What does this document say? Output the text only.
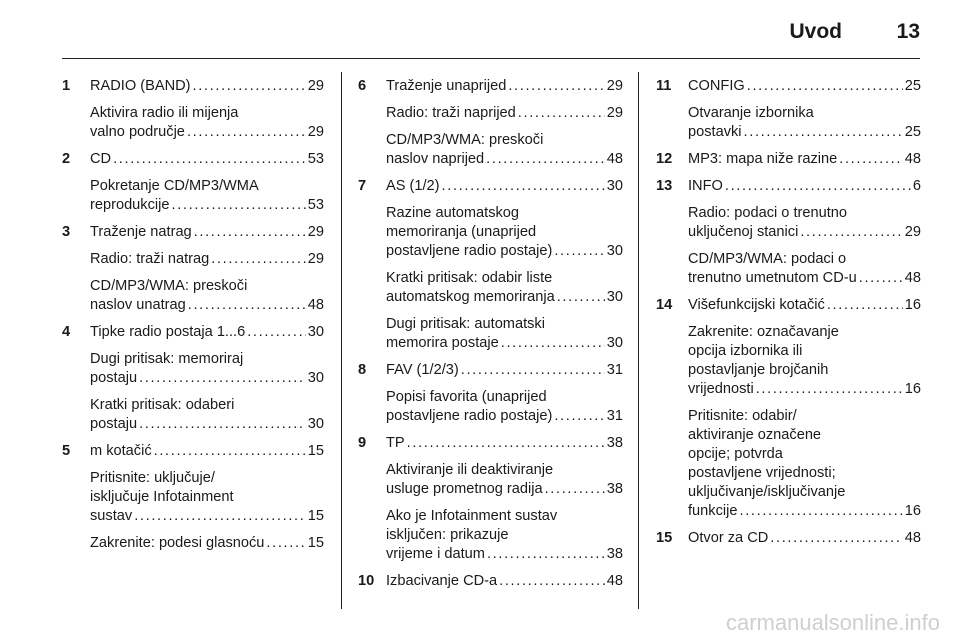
Uvod	13
1 RADIO (BAND) . . .	29
Aktivira radio ili mijenja
valno područje . . .	29
2 CD . . .	53
Pokretanje CD/MP3/WMA
reprodukcije . . .	53
3 Traženje natrag . . .	29
Radio: traži natrag . . .	29
CD/MP3/WMA: preskoči
naslov unatrag . . .	48
4 Tipke radio postaja 1...6 . . .	30
Dugi pritisak: memoriraj
postaju . . .	30
Kratki pritisak: odaberi
postaju . . .	30
5 m kotačić . . .	15
Pritisnite: uključuje/
isključuje Infotainment
sustav . . .	15
Zakrenite: podesi glasnoću . . .	15
6 Traženje unaprijed . . .	29
Radio: traži naprijed . . .	29
CD/MP3/WMA: preskoči
naslov naprijed . . .	48
7 AS (1/2) . . .	30
Razine automatskog
memoriranja (unaprijed
postavljene radio postaje) . . .	30
Kratki pritisak: odabir liste
automatskog memoriranja . . .	30
Dugi pritisak: automatski
memorira postaje . . .	30
8 FAV (1/2/3) . . .	31
Popisi favorita (unaprijed
postavljene radio postaje) . . .	31
9 TP . . .	38
Aktiviranje ili deaktiviranje
usluge prometnog radija . . .	38
Ako je Infotainment sustav
isključen: prikazuje
vrijeme i datum . . .	38
10 Izbacivanje CD-a . . .	48
11 CONFIG . . .	25
Otvaranje izbornika
postavki . . .	25
12 MP3: mapa niže razine . . .	48
13 INFO . . .	6
Radio: podaci o trenutno
uključenoj stanici . . .	29
CD/MP3/WMA: podaci o
trenutno umetnutom CD-u . . .	48
14 Višefunkcijski kotačić . . .	16
Zakrenite: označavanje
opcija izbornika ili
postavljanje brojčanih
vrijednosti . . .	16
Pritisnite: odabir/
aktiviranje označene
opcije; potvrda
postavljene vrijednosti;
uključivanje/isključivanje
funkcije . . .	16
15 Otvor za CD . . .	48
carmanualsonline.info
